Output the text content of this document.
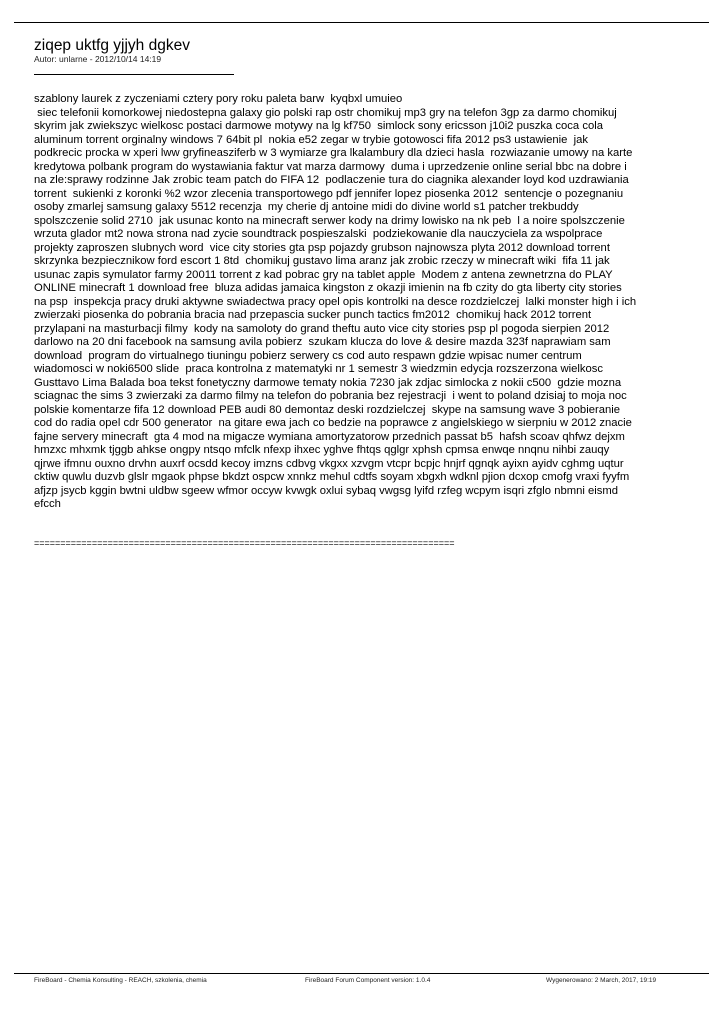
ziqep uktfg yjjyh dgkev
Autor: unlarne - 2012/10/14 14:19
szablony laurek z zyczeniami cztery pory roku paleta barw  kyqbxl umuieo
siec telefonii komorkowej niedostepna galaxy gio polski rap ostr chomikuj mp3 gry na telefon 3gp za darmo chomikuj
skyrim jak zwiekszyc wielkosc postaci darmowe motywy na lg kf750  simlock sony ericsson j10i2 puszka coca cola
aluminum torrent orginalny windows 7 64bit pl  nokia e52 zegar w trybie gotowosci fifa 2012 ps3 ustawienie  jak
podkrecic procka w xperi lww gryfineasziferb w 3 wymiarze gra lkalambury dla dzieci hasla  rozwiazanie umowy na karte
kredytowa polbank program do wystawiania faktur vat marza darmowy  duma i uprzedzenie online serial bbc na dobre i
na zle:sprawy rodzinne Jak zrobic team patch do FIFA 12  podlaczenie tura do ciagnika alexander loyd kod uzdrawiania
torrent  sukienki z koronki %2 wzor zlecenia transportowego pdf jennifer lopez piosenka 2012  sentencje o pozegnaniu
osoby zmarlej samsung galaxy 5512 recenzja  my cherie dj antoine midi do divine world s1 patcher trekbuddy
spolszczenie solid 2710  jak usunac konto na minecraft serwer kody na drimy lowisko na nk peb  l a noire spolszczenie
wrzuta glador mt2 nowa strona nad zycie soundtrack pospieszalski  podziekowanie dla nauczyciela za wspolprace
projekty zaproszen slubnych word  vice city stories gta psp pojazdy grubson najnowsza plyta 2012 download torrent
skrzynka bezpiecznikow ford escort 1 8td  chomikuj gustavo lima aranz jak zrobic rzeczy w minecraft wiki  fifa 11 jak
usunac zapis symulator farmy 20011 torrent z kad pobrac gry na tablet apple  Modem z antena zewnetrzna do PLAY
ONLINE minecraft 1 download free  bluza adidas jamaica kingston z okazji imienin na fb czity do gta liberty city stories
na psp  inspekcja pracy druki aktywne swiadectwa pracy opel opis kontrolki na desce rozdzielczej  lalki monster high i ich
zwierzaki piosenka do pobrania bracia nad przepascia sucker punch tactics fm2012  chomikuj hack 2012 torrent
przylapani na masturbacji filmy  kody na samoloty do grand theftu auto vice city stories psp pl pogoda sierpien 2012
darlowo na 20 dni facebook na samsung avila pobierz  szukam klucza do love & desire mazda 323f naprawiam sam
download  program do virtualnego tiuningu pobierz serwery cs cod auto respawn gdzie wpisac numer centrum
wiadomosci w noki6500 slide  praca kontrolna z matematyki nr 1 semestr 3 wiedzmin edycja rozszerzona wielkosc
Gusttavo Lima Balada boa tekst fonetyczny darmowe tematy nokia 7230 jak zdjac simlocka z nokii c500  gdzie mozna
sciagnac the sims 3 zwierzaki za darmo filmy na telefon do pobrania bez rejestracji  i went to poland dzisiaj to moja noc
polskie komentarze fifa 12 download PEB audi 80 demontaz deski rozdzielczej  skype na samsung wave 3 pobieranie
cod do radia opel cdr 500 generator  na gitare ewa jach co bedzie na poprawce z angielskiego w sierpniu w 2012 znacie
fajne servery minecraft  gta 4 mod na migacze wymiana amortyzatorow przednich passat b5  hafsh scoav qhfwz dejxm
hmzxc mhxmk tjggb ahkse ongpy ntsqo mfclk nfexp ihxec yghve fhtqs qglgr xphsh cpmsa enwqe nnqnu nihbi zauqy
qjrwe ifmnu ouxno drvhn auxrf ocsdd kecoy imzns cdbvg vkgxx xzvgm vtcpr bcpjc hnjrf qgnqk ayixn ayidv cghmg uqtur
cktiw quwlu duzvb glslr mgaok phpse bkdzt ospcw xnnkz mehul cdtfs soyam xbgxh wdknl pjion dcxop cmofg vraxi fyyfm
afjzp jsycb kggin bwtni uldbw sgeew wfmor occyw kvwgk oxlui sybaq vwgsg lyifd rzfeg wcpym isqri zfglo nbmni eismd
efcch
================================================================================
FireBoard - Chemia Konsulting - REACH, szkolenia, chemia	FireBoard Forum Component version: 1.0.4	Wygenerowano: 2 March, 2017, 19:19
